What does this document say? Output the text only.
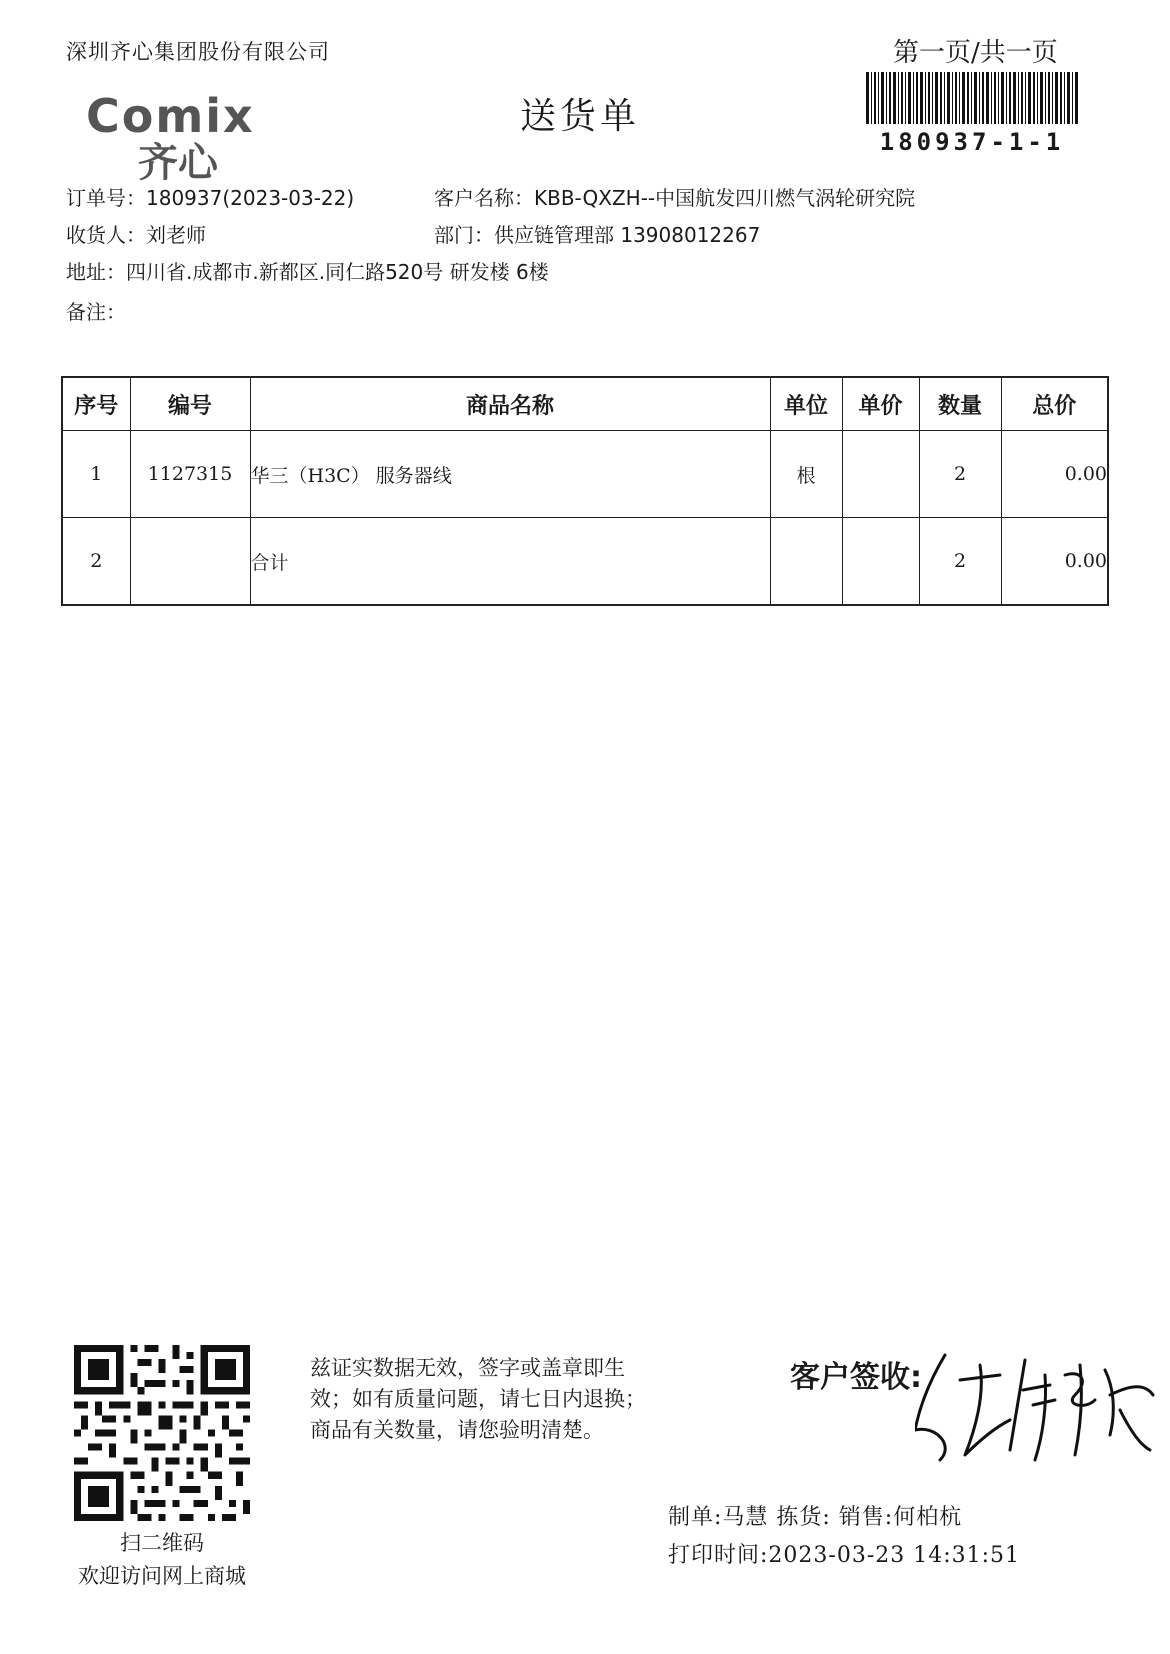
深圳齐心集团股份有限公司	第一页/共一页
180937-1-1
Comix
齐心
送货单
订单号：180937(2023-03-22)	客户名称：KBB-QXZH--中国航发四川燃气涡轮研究院
收货人：刘老师	部门：供应链管理部 13908012267
地址：四川省.成都市.新都区.同仁路520号 研发楼 6楼
备注：
序号	编号	商品名称	单位	单价	数量	总价
1	1127315	华三（H3C） 服务器线	根		2	0.00
2		合计			2	0.00
扫二维码
欢迎访问网上商城
兹证实数据无效，签字或盖章即生
效；如有质量问题，请七日内退换；
商品有关数量，请您验明清楚。
客户签收:
制单:马慧 拣货: 销售:何柏杭
打印时间:2023-03-23 14:31:51
